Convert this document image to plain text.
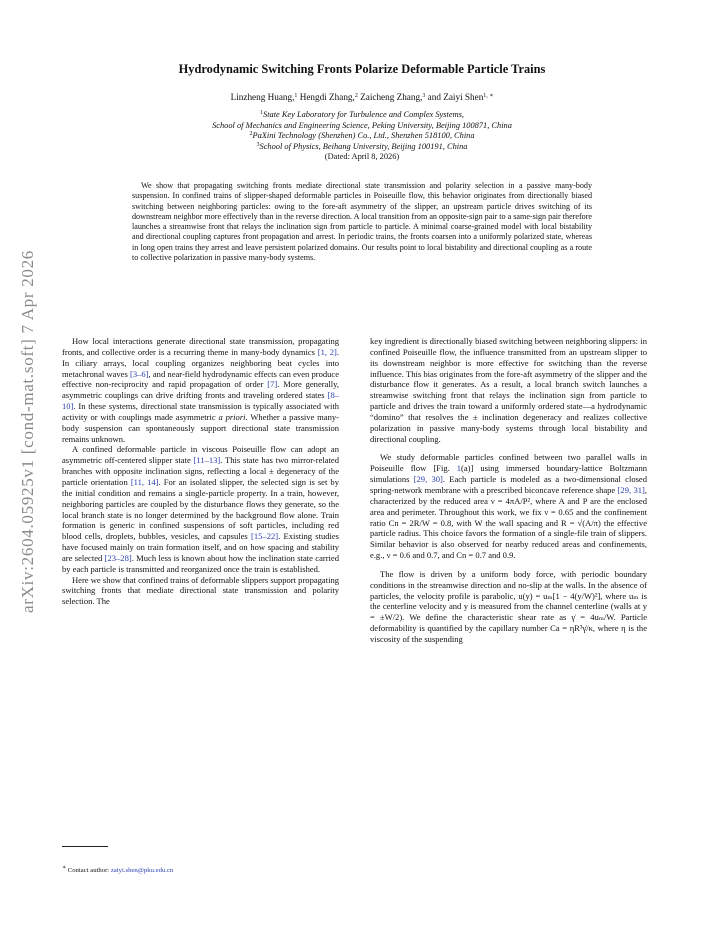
arXiv:2604.05925v1 [cond-mat.soft] 7 Apr 2026
Hydrodynamic Switching Fronts Polarize Deformable Particle Trains
Linzheng Huang,$^1$ Hengdi Zhang,$^2$ Zaicheng Zhang,$^3$ and Zaiyi Shen$^{1, ∗}$
$^1$State Key Laboratory for Turbulence and Complex Systems,
School of Mechanics and Engineering Science, Peking University, Beijing 100871, China
$^2$PaXini Technology (Shenzhen) Co., Ltd., Shenzhen 518100, China
$^3$School of Physics, Beihang University, Beijing 100191, China
(Dated: April 8, 2026)

We show that propagating switching fronts mediate directional state transmission and polarity selection in a passive many-body suspension. In confined trains of slipper-shaped deformable particles in Poiseuille flow, this behavior originates from directionally biased switching between neighboring particles: owing to the fore-aft asymmetry of the slipper, an upstream particle drives switching of its downstream neighbor more effectively than in the reverse direction. A local transition from an opposite-sign pair to a same-sign pair therefore launches a streamwise front that relays the inclination sign from particle to particle. A minimal coarse-grained model with local bistability and directional coupling captures front propagation and arrest. In periodic trains, the fronts coarsen into a uniformly polarized state, whereas in long open trains they arrest and leave persistent polarized domains. Our results point to local bistability and directional coupling as a route to collective polarization in passive many-body systems.

How local interactions generate directional state transmission, propagating fronts, and collective order is a recurring theme in many-body dynamics [1, 2]. In ciliary arrays, local coupling organizes neighboring beat cycles into metachronal waves [3–6], and near-field hydrodynamic effects can even produce effective non-reciprocity and rapid propagation of order [7]. More generally, asymmetric couplings can drive drifting fronts and traveling ordered states [8–10]. In these systems, directional state transmission is typically associated with activity or with couplings made asymmetric a priori. Whether a passive many-body suspension can spontaneously support directional state transmission remains unknown.

A confined deformable particle in viscous Poiseuille flow can adopt an asymmetric off-centered slipper state [11–13]. This state has two mirror-related branches with opposite inclination signs, reflecting a local ± degeneracy of the particle orientation [11, 14]. For an isolated slipper, the selected sign is set by the initial condition and remains a single-particle property. In a train, however, neighboring particles are coupled by the disturbance flows they generate, so the local branch state is no longer determined by the background flow alone. Train formation is generic in confined suspensions of soft particles, including red blood cells, droplets, bubbles, vesicles, and capsules [15–22]. Existing studies have focused mainly on train formation itself, and on how spacing and stability are selected [23–28]. Much less is known about how the inclination state carried by each particle is transmitted and reorganized once the train is established.

Here we show that confined trains of deformable slippers support propagating switching fronts that mediate directional state transmission and polarity selection. The

key ingredient is directionally biased switching between neighboring slippers: in confined Poiseuille flow, the influence transmitted from an upstream slipper to its downstream neighbor is more effective for switching than the reverse influence. This bias originates from the fore-aft asymmetry of the slipper and the disturbance flow it generates. As a result, a local branch switch launches a streamwise switching front that relays the inclination sign from particle to particle and drives the train toward a uniformly ordered state—a hydrodynamic “domino” that resolves the ± inclination degeneracy and realizes collective polarization in passive many-body systems through local bistability and directional coupling.

We study deformable particles confined between two parallel walls in Poiseuille flow [Fig. 1(a)] using immersed boundary-lattice Boltzmann simulations [29, 30]. Each particle is modeled as a two-dimensional closed spring-network membrane with a prescribed biconcave reference shape [29, 31], characterized by the reduced area ν = 4πA/P², where A and P are the enclosed area and perimeter. Throughout this work, we fix ν = 0.65 and the confinement ratio Cn = 2R/W = 0.8, with W the wall spacing and R = √(A/π) the effective particle radius. This choice favors the formation of a single-file train of slippers. Similar behavior is also observed for nearby reduced areas and confinements, e.g., ν = 0.6 and 0.7, and Cn = 0.7 and 0.9.

The flow is driven by a uniform body force, with periodic boundary conditions in the streamwise direction and no-slip at the walls. In the absence of particles, the velocity profile is parabolic, u(y) = uₘ[1 − 4(y/W)²], where uₘ is the centerline velocity and y is measured from the channel centerline (walls at y = ±W/2). We define the characteristic shear rate as γ̇ = 4uₘ/W. Particle deformability is quantified by the capillary number Ca = ηR³γ̇/κ, where η is the viscosity of the suspending

∗ Contact author: zaiyi.shen@pku.edu.cn
